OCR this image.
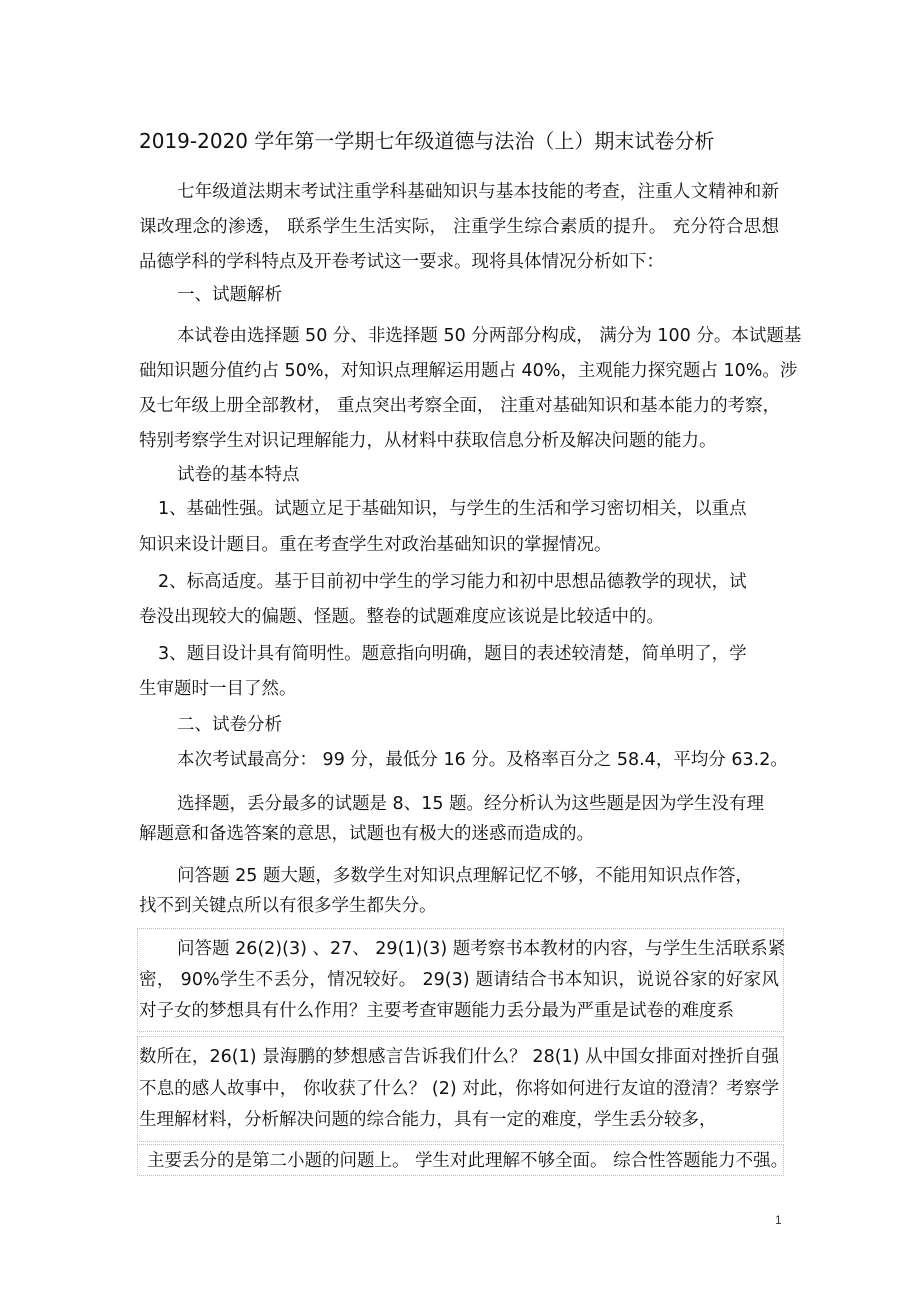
2019-2020 学年第一学期七年级道德与法治（上）期末试卷分析
七年级道法期末考试注重学科基础知识与基本技能的考查，注重人文精神和新
课改理念的渗透， 联系学生生活实际， 注重学生综合素质的提升。 充分符合思想
品德学科的学科特点及开卷考试这一要求。现将具体情况分析如下：
一、试题解析
本试卷由选择题 50 分、非选择题 50 分两部分构成， 满分为 100 分。本试题基
础知识题分值约占 50%，对知识点理解运用题占 40%，主观能力探究题占 10%。涉
及七年级上册全部教材， 重点突出考察全面， 注重对基础知识和基本能力的考察，
特别考察学生对识记理解能力，从材料中获取信息分析及解决问题的能力。
试卷的基本特点
1、基础性强。试题立足于基础知识，与学生的生活和学习密切相关，以重点
知识来设计题目。重在考查学生对政治基础知识的掌握情况。
2、标高适度。基于目前初中学生的学习能力和初中思想品德教学的现状，试
卷没出现较大的偏题、怪题。整卷的试题难度应该说是比较适中的。
3、题目设计具有简明性。题意指向明确，题目的表述较清楚，简单明了，学
生审题时一目了然。
二、试卷分析
本次考试最高分： 99 分，最低分 16 分。及格率百分之 58.4，平均分 63.2。
选择题，丢分最多的试题是 8、15 题。经分析认为这些题是因为学生没有理
解题意和备选答案的意思，试题也有极大的迷惑而造成的。
问答题 25 题大题，多数学生对知识点理解记忆不够，不能用知识点作答，
找不到关键点所以有很多学生都失分。
问答题 26(2)(3) 、27、 29(1)(3) 题考察书本教材的内容，与学生生活联系紧
密， 90%学生不丢分，情况较好。 29(3) 题请结合书本知识，说说谷家的好家风
对子女的梦想具有什么作用？主要考查审题能力丢分最为严重是试卷的难度系
数所在，26(1) 景海鹏的梦想感言告诉我们什么？ 28(1) 从中国女排面对挫折自强
不息的感人故事中， 你收获了什么？ (2) 对此，你将如何进行友谊的澄清？考察学
生理解材料，分析解决问题的综合能力，具有一定的难度，学生丢分较多，
主要丢分的是第二小题的问题上。 学生对此理解不够全面。 综合性答题能力不强。
1
